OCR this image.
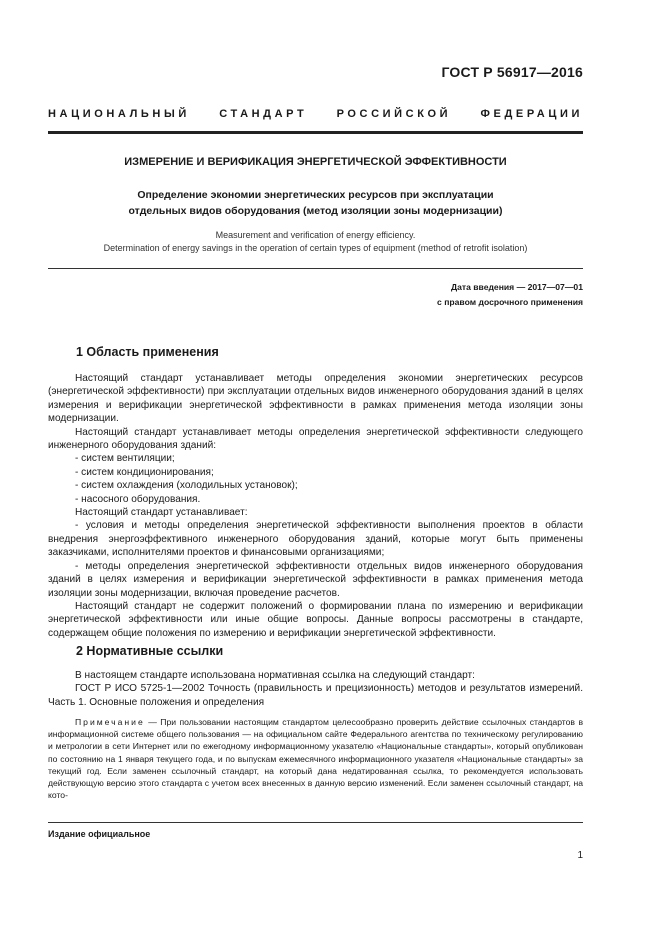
ГОСТ Р 56917—2016
НАЦИОНАЛЬНЫЙ СТАНДАРТ РОССИЙСКОЙ ФЕДЕРАЦИИ
ИЗМЕРЕНИЕ И ВЕРИФИКАЦИЯ ЭНЕРГЕТИЧЕСКОЙ ЭФФЕКТИВНОСТИ
Определение экономии энергетических ресурсов при эксплуатации
отдельных видов оборудования (метод изоляции зоны модернизации)
Measurement and verification of energy efficiency.
Determination of energy savings in the operation of certain types of equipment (method of retrofit isolation)
Дата введения — 2017—07—01
с правом досрочного применения
1 Область применения

Настоящий стандарт устанавливает методы определения экономии энергетических ресурсов (энергетической эффективности) при эксплуатации отдельных видов инженерного оборудования зданий в целях измерения и верификации энергетической эффективности в рамках применения метода изоляции зоны модернизации.

Настоящий стандарт устанавливает методы определения энергетической эффективности следующего инженерного оборудования зданий:

- систем вентиляции;

- систем кондиционирования;

- систем охлаждения (холодильных установок);

- насосного оборудования.

Настоящий стандарт устанавливает:

- условия и методы определения энергетической эффективности выполнения проектов в области внедрения энергоэффективного инженерного оборудования зданий, которые могут быть применены заказчиками, исполнителями проектов и финансовыми организациями;

- методы определения энергетической эффективности отдельных видов инженерного оборудования зданий в целях измерения и верификации энергетической эффективности в рамках применения метода изоляции зоны модернизации, включая проведение расчетов.

Настоящий стандарт не содержит положений о формировании плана по измерению и верификации энергетической эффективности или иные общие вопросы. Данные вопросы рассмотрены в стандарте, содержащем общие положения по измерению и верификации энергетической эффективности.

2 Нормативные ссылки

В настоящем стандарте использована нормативная ссылка на следующий стандарт:

ГОСТ Р ИСО 5725-1—2002 Точность (правильность и прецизионность) методов и результатов измерений. Часть 1. Основные положения и определения

Примечание — При пользовании настоящим стандартом целесообразно проверить действие ссылочных стандартов в информационной системе общего пользования — на официальном сайте Федерального агентства по техническому регулированию и метрологии в сети Интернет или по ежегодному информационному указателю «Национальные стандарты», который опубликован по состоянию на 1 января текущего года, и по выпускам ежемесячного информационного указателя «Национальные стандарты» за текущий год. Если заменен ссылочный стандарт, на который дана недатированная ссылка, то рекомендуется использовать действующую версию этого стандарта с учетом всех внесенных в данную версию изменений. Если заменен ссылочный стандарт, на кото-

Издание официальное
1
